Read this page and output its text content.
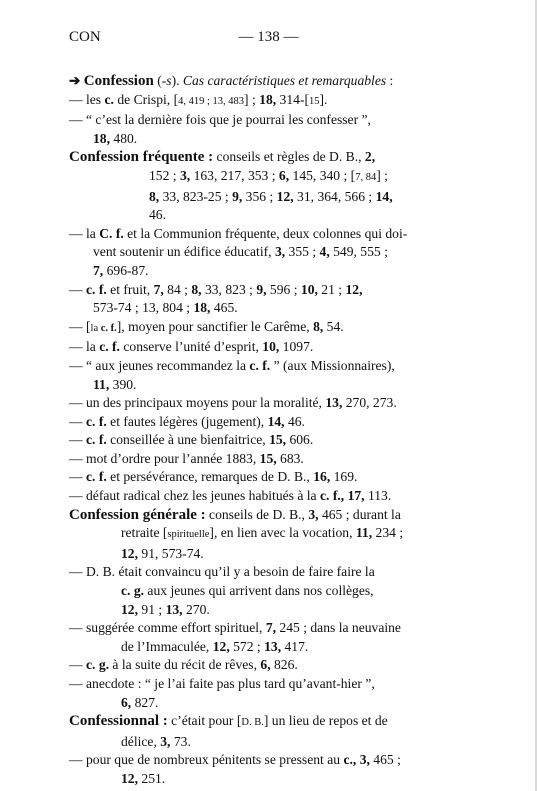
CON	— 138 —
➔ Confession (-s). Cas caractéristiques et remarquables :
— les c. de Crispi, [4, 419 ; 13, 483] ; 18, 314-[15].
— “ c’est la dernière fois que je pourrai les confesser ”,
18, 480.
Confession fréquente : conseils et règles de D. B., 2,
152 ; 3, 163, 217, 353 ; 6, 145, 340 ; [7, 84] ;
8, 33, 823-25 ; 9, 356 ; 12, 31, 364, 566 ; 14,
46.
— la C. f. et la Communion fréquente, deux colonnes qui doi-
vent soutenir un édifice éducatif, 3, 355 ; 4, 549, 555 ;
7, 696-87.
— c. f. et fruit, 7, 84 ; 8, 33, 823 ; 9, 596 ; 10, 21 ; 12,
573-74 ; 13, 804 ; 18, 465.
— [la c. f.], moyen pour sanctifier le Carême, 8, 54.
— la c. f. conserve l’unité d’esprit, 10, 1097.
— “ aux jeunes recommandez la c. f. ” (aux Missionnaires),
11, 390.
— un des principaux moyens pour la moralité, 13, 270, 273.
— c. f. et fautes légères (jugement), 14, 46.
— c. f. conseillée à une bienfaitrice, 15, 606.
— mot d’ordre pour l’année 1883, 15, 683.
— c. f. et persévérance, remarques de D. B., 16, 169.
— défaut radical chez les jeunes habitués à la c. f., 17, 113.
Confession générale : conseils de D. B., 3, 465 ; durant la
retraite [spirituelle], en lien avec la vocation, 11, 234 ;
12, 91, 573-74.
— D. B. était convaincu qu’il y a besoin de faire faire la
c. g. aux jeunes qui arrivent dans nos collèges,
12, 91 ; 13, 270.
— suggérée comme effort spirituel, 7, 245 ; dans la neuvaine
de l’Immaculée, 12, 572 ; 13, 417.
— c. g. à la suite du récit de rêves, 6, 826.
— anecdote : “ je l’ai faite pas plus tard qu’avant-hier ”,
6, 827.
Confessionnal : c’était pour [D. B.] un lieu de repos et de
délice, 3, 73.
— pour que de nombreux pénitents se pressent au c., 3, 465 ;
12, 251.
